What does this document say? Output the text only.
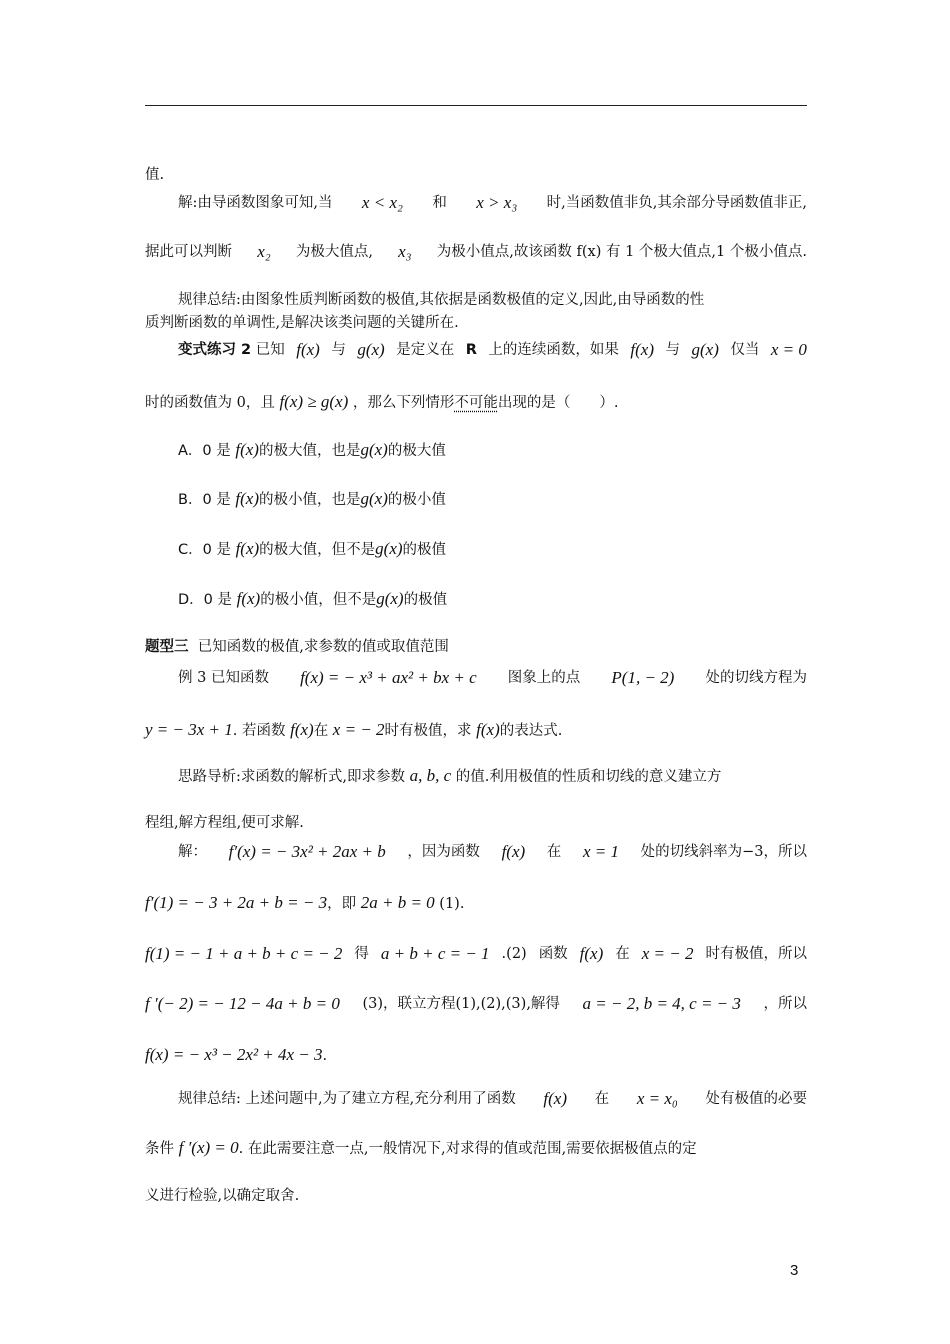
值.
解:由导函数图象可知,当 x < x₂ 和 x > x₃ 时,当函数值非负,其余部分导函数值非正,
据此可以判断 x₂ 为极大值点, x₃ 为极小值点,故该函数 f(x) 有 1 个极大值点,1 个极小值点.
规律总结:由图象性质判断函数的极值,其依据是函数极值的定义,因此,由导函数的性
质判断函数的单调性,是解决该类问题的关键所在.
变式练习 2 已知 f(x) 与 g(x) 是定义在 R 上的连续函数，如果 f(x) 与 g(x) 仅当 x = 0
时的函数值为 0，且 f(x) ≥ g(x) ，那么下列情形不可能出现的是（　　）.
A．0 是 f(x)的极大值，也是g(x)的极大值
B．0 是 f(x)的极小值，也是g(x)的极小值
C．0 是 f(x)的极大值，但不是g(x)的极值
D．0 是 f(x)的极小值，但不是g(x)的极值
题型三 已知函数的极值,求参数的值或取值范围
例 3 已知函数 f(x) = − x³ + ax² + bx + c 图象上的点 P(1, − 2) 处的切线方程为
y = − 3x + 1. 若函数 f(x)在 x = − 2时有极值，求 f(x)的表达式.
思路导析:求函数的解析式,即求参数 a, b, c 的值.利用极值的性质和切线的意义建立方
程组,解方程组,便可求解.
解： f′(x) = − 3x² + 2ax + b ，因为函数 f(x) 在 x = 1 处的切线斜率为−3，所以
f′(1) = − 3 + 2a + b = − 3，即 2a + b = 0 (1).
f(1) = − 1 + a + b + c = − 2 得 a + b + c = − 1 .(2) 函数 f(x) 在 x = − 2 时有极值，所以
f ′(− 2) = − 12 − 4a + b = 0 (3)，联立方程(1),(2),(3),解得 a = − 2, b = 4, c = − 3 ，所以
f(x) = − x³ − 2x² + 4x − 3.
规律总结: 上述问题中,为了建立方程,充分利用了函数 f(x) 在 x = x₀ 处有极值的必要
条件 f ′(x) = 0. 在此需要注意一点,一般情况下,对求得的值或范围,需要依据极值点的定
义进行检验,以确定取舍.
3
